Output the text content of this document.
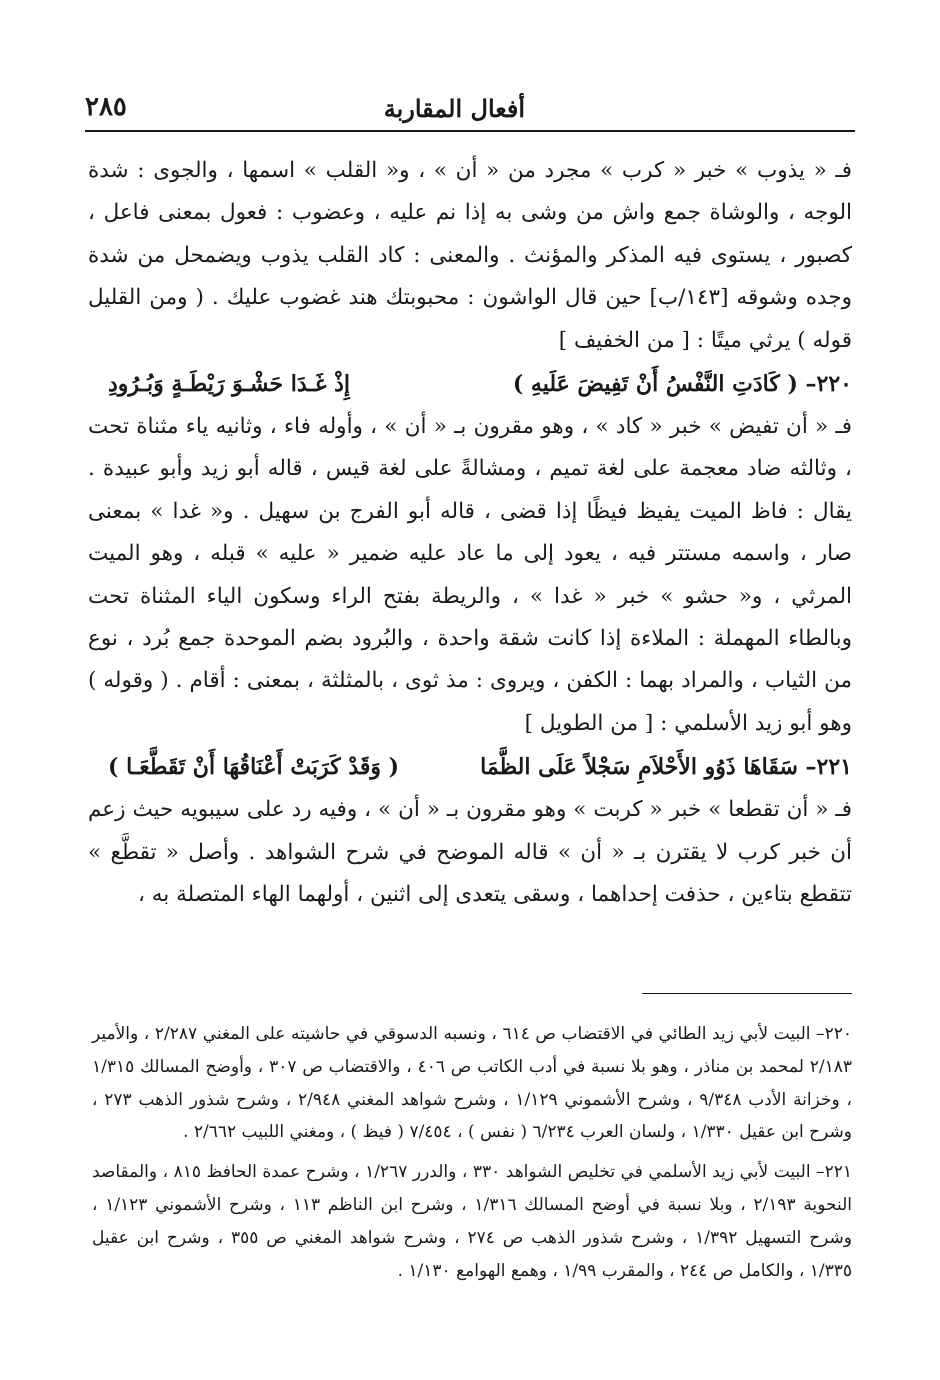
٢٨٥	أفعال المقاربة

فـ « يذوب » خبر « كرب » مجرد من « أن » ، و« القلب » اسمها ، والجوى : شدة الوجه ، والوشاة جمع واش من وشى به إذا نم عليه ، وعضوب : فعول بمعنى فاعل ، كصبور ، يستوى فيه المذكر والمؤنث . والمعنى : كاد القلب يذوب ويضمحل من شدة وجده وشوقه [١٤٣/ب] حين قال الواشون : محبوبتك هند غضوب عليك . ( ومن القليل قوله ) يرثي ميتًا : [ من الخفيف ]

٢٢٠– ( كَادَتِ النَّفْسُ أَنْ تَفِيضَ عَلَيهِ )
إِذْ غَـدَا حَشْـوَ رَيْطَـةٍ وَبُـرُودِ

فـ « أن تفيض » خبر « كاد » ، وهو مقرون بـ « أن » ، وأوله فاء ، وثانيه ياء مثناة تحت ، وثالثه ضاد معجمة على لغة تميم ، ومشالةً على لغة قيس ، قاله أبو زيد وأبو عبيدة . يقال : فاظ الميت يفيظ فيظًا إذا قضى ، قاله أبو الفرج بن سهيل . و« غدا » بمعنى صار ، واسمه مستتر فيه ، يعود إلى ما عاد عليه ضمير « عليه » قبله ، وهو الميت المرثي ، و« حشو » خبر « غدا » ، والريطة بفتح الراء وسكون الياء المثناة تحت وبالطاء المهملة : الملاءة إذا كانت شقة واحدة ، والبُرود بضم الموحدة جمع بُرد ، نوع من الثياب ، والمراد بهما : الكفن ، ويروى : مذ ثوى ، بالمثلثة ، بمعنى : أقام . ( وقوله ) وهو أبو زيد الأسلمي : [ من الطويل ]

٢٢١– سَقَاهَا ذَوُو الأَحْلاَمِ سَجْلاً عَلَى الظَّمَا
( وَقَدْ كَرَبَتْ أَعْنَاقُهَا أَنْ تَقَطَّعَـا )

فـ « أن تقطعا » خبر « كربت » وهو مقرون بـ « أن » ، وفيه رد على سيبويه حيث زعم أن خبر كرب لا يقترن بـ « أن » قاله الموضح في شرح الشواهد . وأصل « تقطَّع » تتقطع بتاءين ، حذفت إحداهما ، وسقى يتعدى إلى اثنين ، أولهما الهاء المتصلة به ،

٢٢٠– البيت لأبي زيد الطائي في الاقتضاب ص ٦١٤ ، ونسبه الدسوقي في حاشيته على المغني ٢/٢٨٧ ، والأمير ٢/١٨٣ لمحمد بن مناذر ، وهو بلا نسبة في أدب الكاتب ص ٤٠٦ ، والاقتضاب ص ٣٠٧ ، وأوضح المسالك ١/٣١٥ ، وخزانة الأدب ٩/٣٤٨ ، وشرح الأشموني ١/١٢٩ ، وشرح شواهد المغني ٢/٩٤٨ ، وشرح شذور الذهب ٢٧٣ ، وشرح ابن عقيل ١/٣٣٠ ، ولسان العرب ٦/٢٣٤ ( نفس ) ، ٧/٤٥٤ ( فيظ ) ، ومغني اللبيب ٢/٦٦٢ .

٢٢١– البيت لأبي زيد الأسلمي في تخليص الشواهد ٣٣٠ ، والدرر ١/٢٦٧ ، وشرح عمدة الحافظ ٨١٥ ، والمقاصد النحوية ٢/١٩٣ ، وبلا نسبة في أوضح المسالك ١/٣١٦ ، وشرح ابن الناظم ١١٣ ، وشرح الأشموني ١/١٢٣ ، وشرح التسهيل ١/٣٩٢ ، وشرح شذور الذهب ص ٢٧٤ ، وشرح شواهد المغني ص ٣٥٥ ، وشرح ابن عقيل ١/٣٣٥ ، والكامل ص ٢٤٤ ، والمقرب ١/٩٩ ، وهمع الهوامع ١/١٣٠ .
